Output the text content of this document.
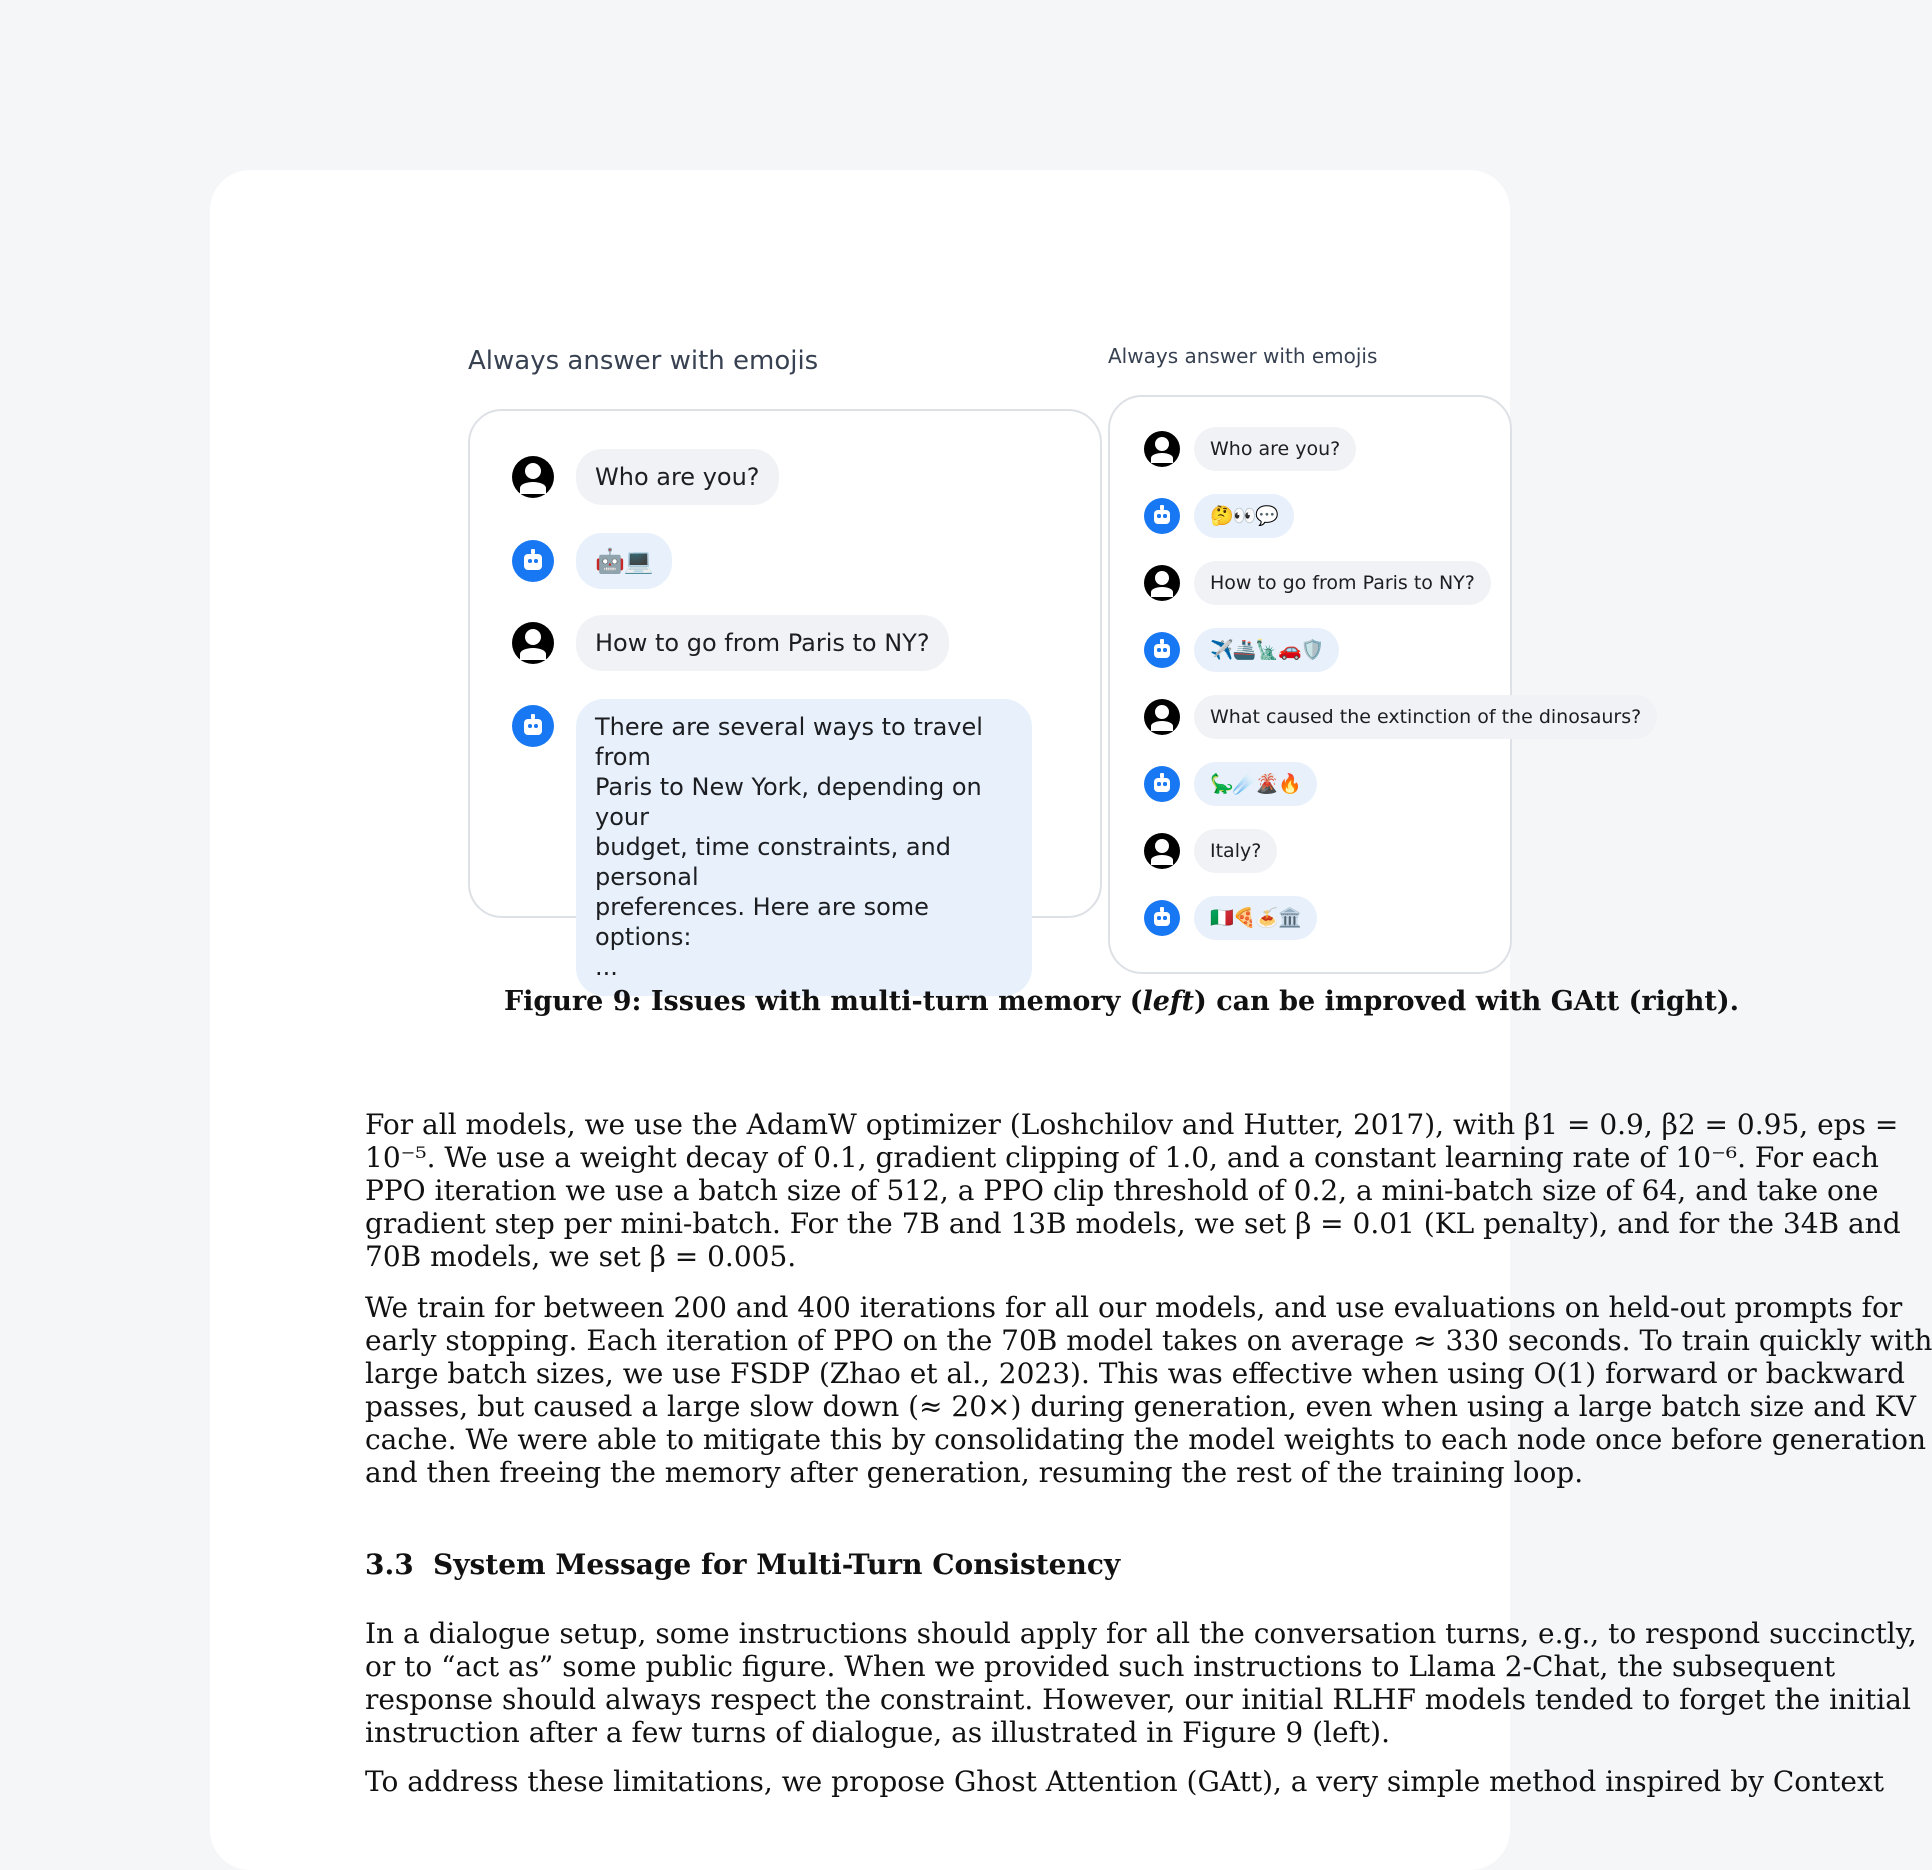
Always answer with emojis
Who are you?
🤖💻
How to go from Paris to NY?
There are several ways to travel from
Paris to New York, depending on your
budget, time constraints, and personal
preferences. Here are some options:
...
Always answer with emojis
Who are you?
🤔👀💬
How to go from Paris to NY?
✈️🚢🗽🚗🛡️
What caused the extinction of the dinosaurs?
🦕☄️🌋🔥
Italy?
🇮🇹🍕🍝🏛️
Figure 9: Issues with multi-turn memory (left) can be improved with GAtt (right).
For all models, we use the AdamW optimizer (Loshchilov and Hutter, 2017), with β1 = 0.9, β2 = 0.95, eps =
10⁻⁵. We use a weight decay of 0.1, gradient clipping of 1.0, and a constant learning rate of 10⁻⁶. For each
PPO iteration we use a batch size of 512, a PPO clip threshold of 0.2, a mini-batch size of 64, and take one
gradient step per mini-batch. For the 7B and 13B models, we set β = 0.01 (KL penalty), and for the 34B and
70B models, we set β = 0.005.
We train for between 200 and 400 iterations for all our models, and use evaluations on held-out prompts for
early stopping. Each iteration of PPO on the 70B model takes on average ≈ 330 seconds. To train quickly with
large batch sizes, we use FSDP (Zhao et al., 2023). This was effective when using O(1) forward or backward
passes, but caused a large slow down (≈ 20×) during generation, even when using a large batch size and KV
cache. We were able to mitigate this by consolidating the model weights to each node once before generation
and then freeing the memory after generation, resuming the rest of the training loop.
3.3 System Message for Multi-Turn Consistency
In a dialogue setup, some instructions should apply for all the conversation turns, e.g., to respond succinctly,
or to “act as” some public figure. When we provided such instructions to Llama 2-Chat, the subsequent
response should always respect the constraint. However, our initial RLHF models tended to forget the initial
instruction after a few turns of dialogue, as illustrated in Figure 9 (left).
To address these limitations, we propose Ghost Attention (GAtt), a very simple method inspired by Context
